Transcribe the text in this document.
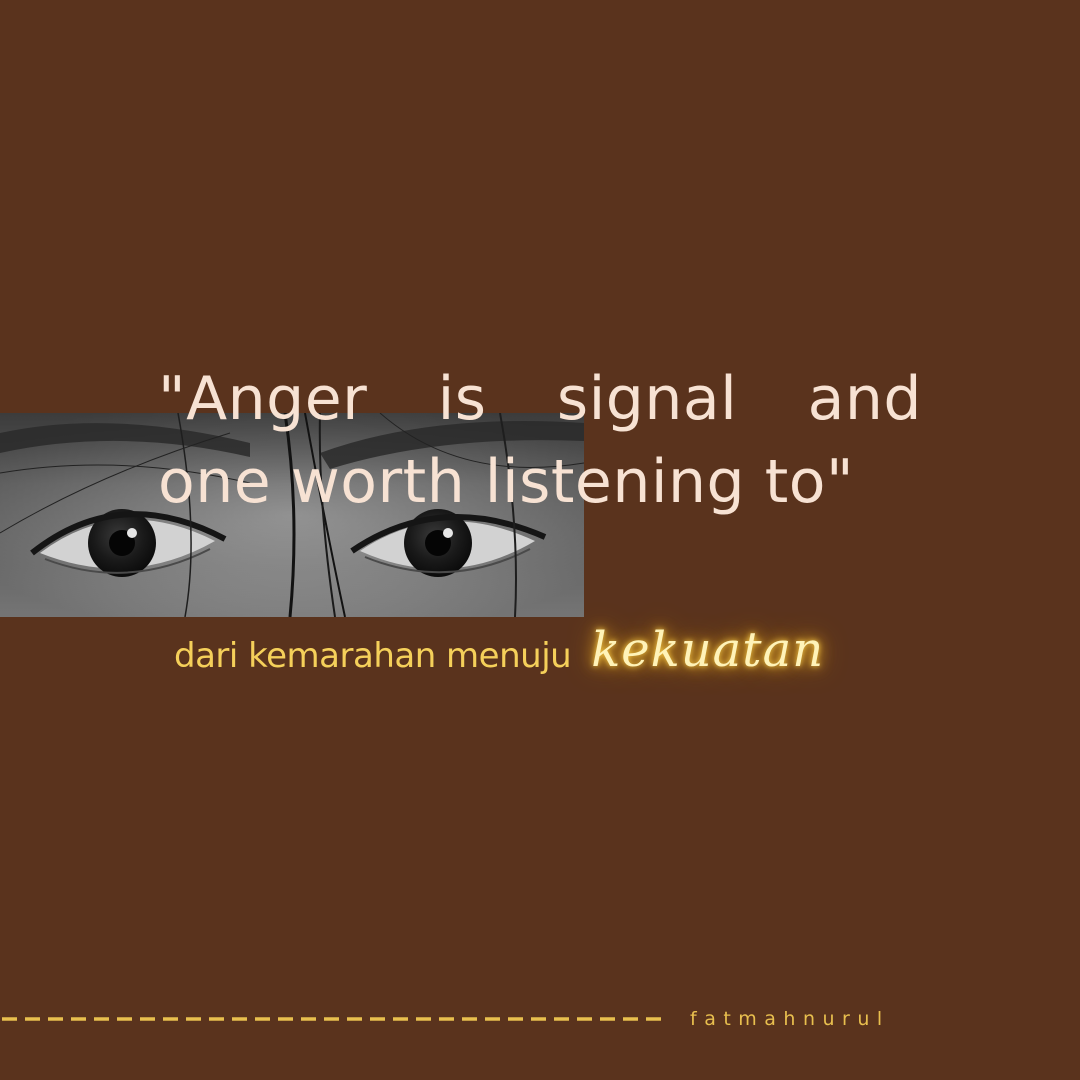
"Anger is signal and
one worth listening to"
dari kemarahan menuju kekuatan
fatmahnurul
